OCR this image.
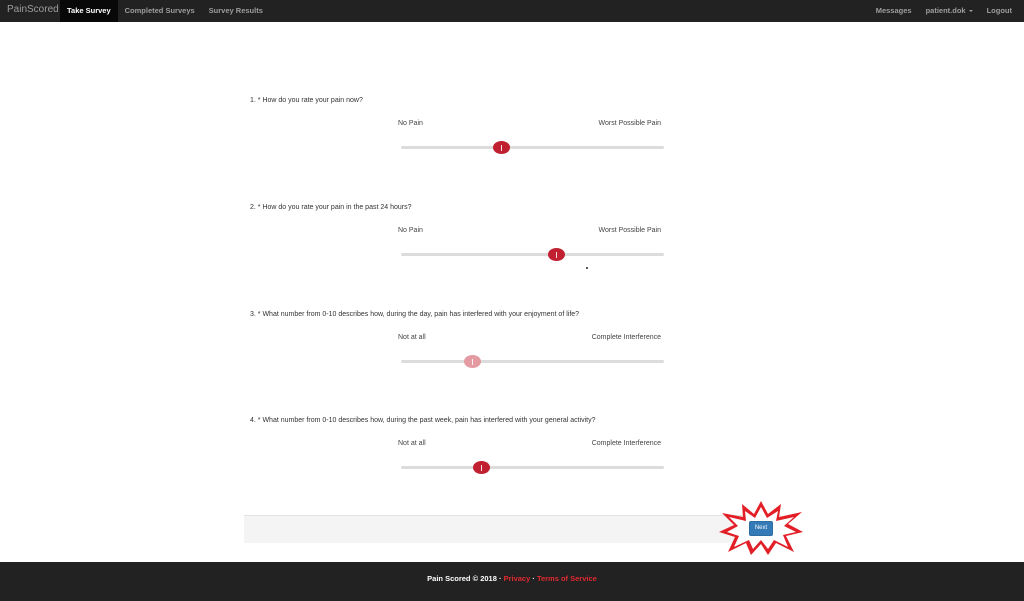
PainScored	Take Survey	Completed Surveys	Survey Results	Messages	patient.dok	Logout
1. * How do you rate your pain now?
No Pain	Worst Possible Pain
2. * How do you rate your pain in the past 24 hours?
No Pain	Worst Possible Pain
3. * What number from 0-10 describes how, during the day, pain has interfered with your enjoyment of life?
Not at all	Complete Interference
4. * What number from 0-10 describes how, during the past week, pain has interfered with your general activity?
Not at all	Complete Interference
Next
Pain Scored © 2018 · Privacy · Terms of Service
